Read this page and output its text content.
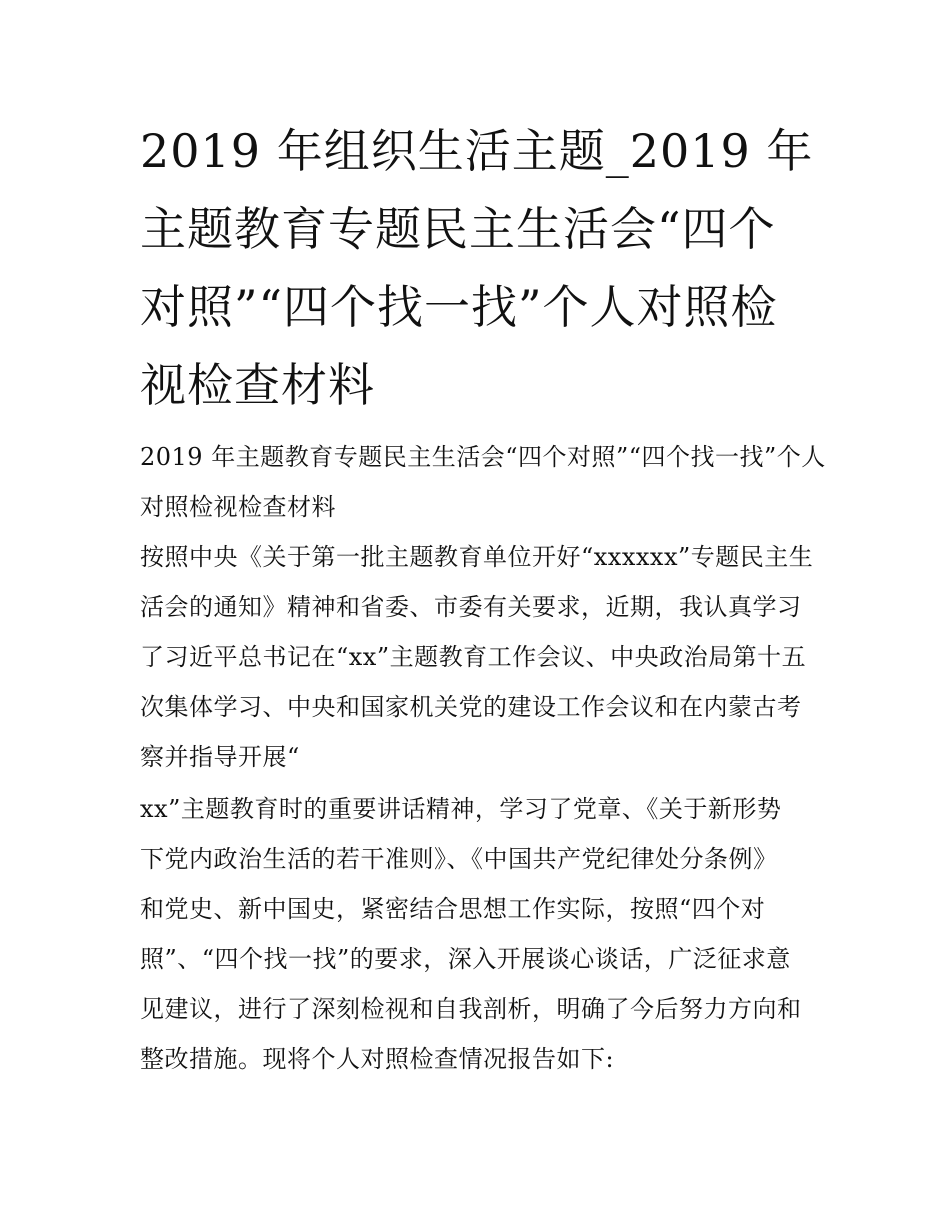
2019 年组织生活主题_2019 年
主题教育专题民主生活会“四个
对照”“四个找一找”个人对照检
视检查材料

2019 年主题教育专题民主生活会“四个对照”“四个找一找”个人
对照检视检查材料

按照中央《关于第一批主题教育单位开好“xxxxxx”专题民主生
活会的通知》精神和省委、市委有关要求，近期，我认真学习
了习近平总书记在“xx”主题教育工作会议、中央政治局第十五
次集体学习、中央和国家机关党的建设工作会议和在内蒙古考
察并指导开展“

xx”主题教育时的重要讲话精神，学习了党章、《关于新形势
下党内政治生活的若干准则》、《中国共产党纪律处分条例》
和党史、新中国史，紧密结合思想工作实际，按照“四个对
照”、“四个找一找”的要求，深入开展谈心谈话，广泛征求意
见建议，进行了深刻检视和自我剖析，明确了今后努力方向和
整改措施。现将个人对照检查情况报告如下:
